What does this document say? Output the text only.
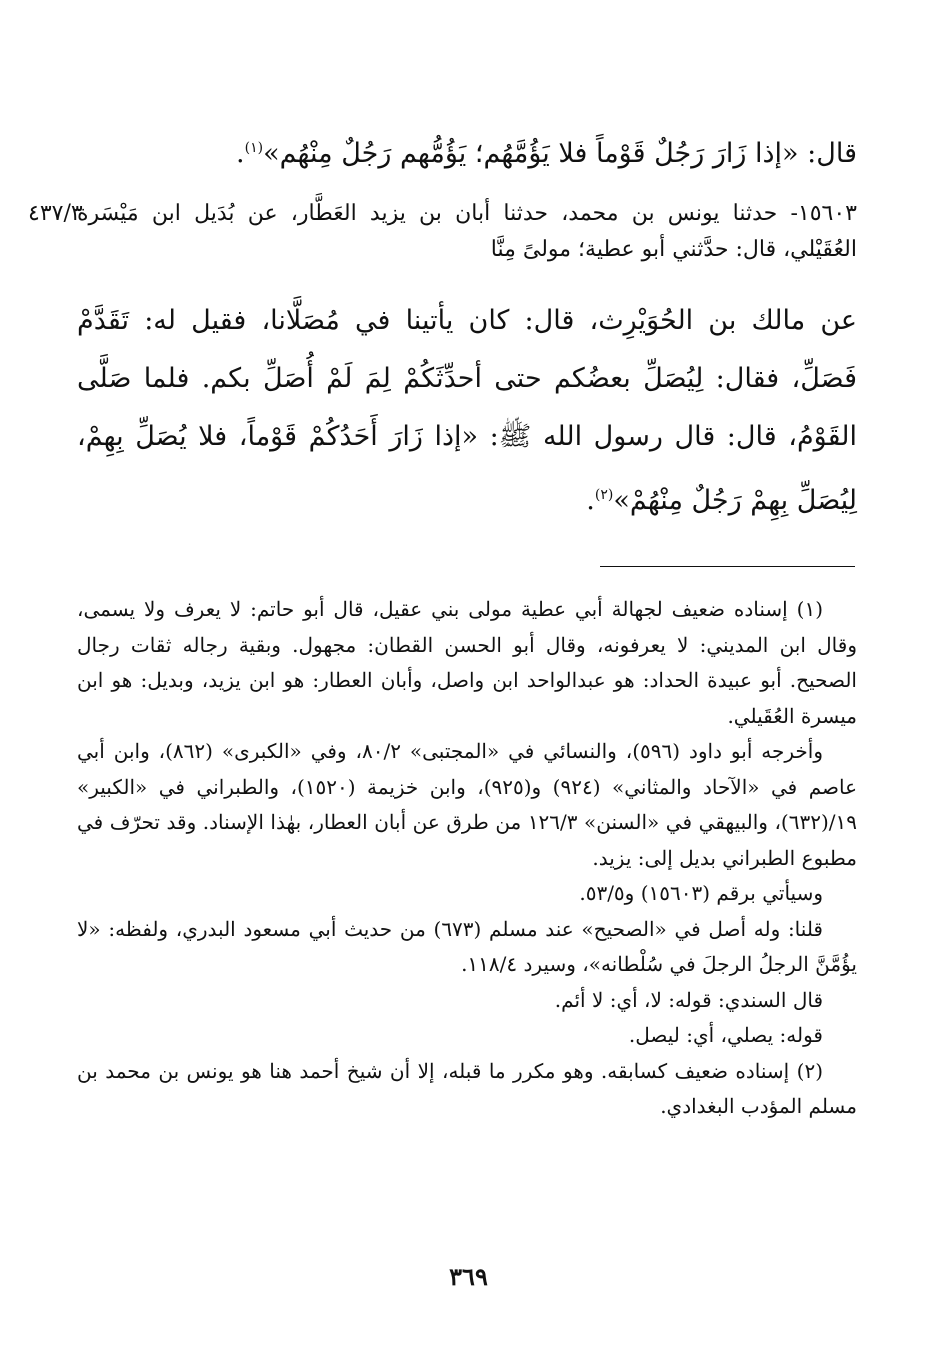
قال: «إذا زَارَ رَجُلٌ قَوْماً فلا يَؤُمَّهُم؛ يَؤُمُّهم رَجُلٌ مِنْهُم»$^{(١)}$.
٤٣٧/٣
١٥٦٠٣- حدثنا يونس بن محمد، حدثنا أبان بن يزيد العَطَّار، عن بُدَيل ابن مَيْسَرة العُقَيْلي، قال: حدَّثني أبو عطية؛ مولىً مِنَّا
عن مالك بن الحُوَيْرِث، قال: كان يأتينا في مُصَلَّانا، فقيل له: تَقَدَّمْ فَصَلِّ، فقال: لِيُصَلِّ بعضُكم حتى أحدِّثَكُمْ لِمَ لَمْ أُصَلِّ بكم. فلما صَلَّى القَوْمُ، قال: قال رسول الله ﷺ: «إذا زَارَ أَحَدُكُمْ قَوْماً، فلا يُصَلِّ بِهِمْ، لِيُصَلِّ بِهِمْ رَجُلٌ مِنْهُمْ»$^{(٢)}$.

(١) إسناده ضعيف لجهالة أبي عطية مولى بني عقيل، قال أبو حاتم: لا يعرف ولا يسمى، وقال ابن المديني: لا يعرفونه، وقال أبو الحسن القطان: مجهول. وبقية رجاله ثقات رجال الصحيح. أبو عبيدة الحداد: هو عبدالواحد ابن واصل، وأبان العطار: هو ابن يزيد، وبديل: هو ابن ميسرة العُقَيلي.

وأخرجه أبو داود (٥٩٦)، والنسائي في «المجتبى» ٨٠/٢، وفي «الكبرى» (٨٦٢)، وابن أبي عاصم في «الآحاد والمثاني» (٩٢٤) و(٩٢٥)، وابن خزيمة (١٥٢٠)، والطبراني في «الكبير» ١٩/(٦٣٢)، والبيهقي في «السنن» ١٢٦/٣ من طرق عن أبان العطار، بهٰذا الإسناد. وقد تحرّف في مطبوع الطبراني بديل إلى: يزيد.

وسيأتي برقم (١٥٦٠٣) و٥٣/٥.

قلنا: وله أصل في «الصحيح» عند مسلم (٦٧٣) من حديث أبي مسعود البدري، ولفظه: «لا يؤُمَّنَّ الرجلُ الرجلَ في سُلْطانه»، وسيرد ١١٨/٤.

قال السندي: قوله: لا، أي: لا أئم.

قوله: يصلي، أي: ليصل.

(٢) إسناده ضعيف كسابقه. وهو مكرر ما قبله، إلا أن شيخ أحمد هنا هو يونس بن محمد بن مسلم المؤدب البغدادي.

٣٦٩
